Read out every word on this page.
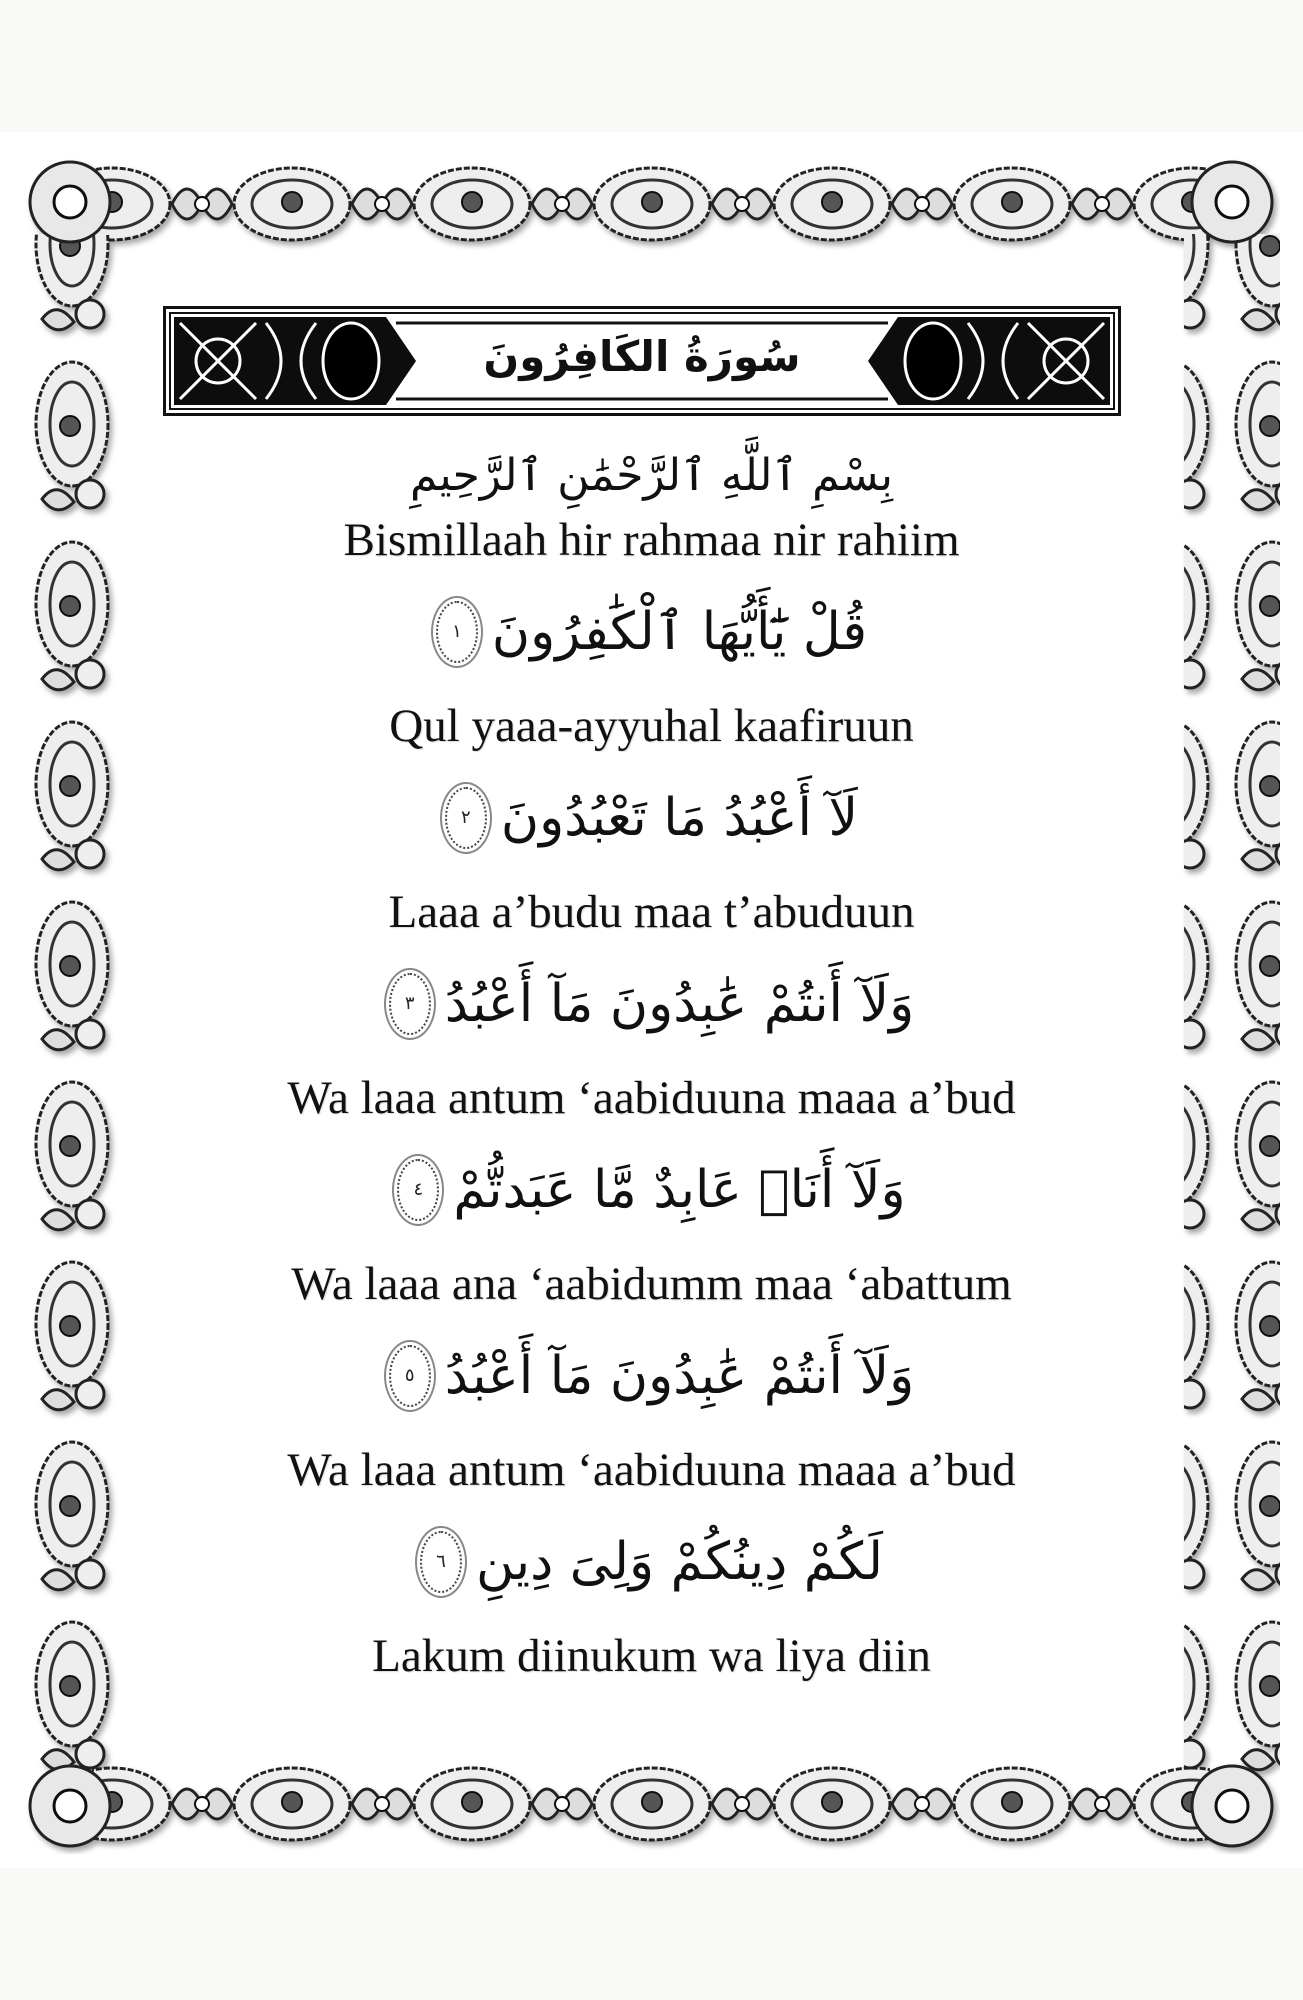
سُورَةُ الكَافِرُونَ
بِسْمِ ٱللَّهِ ٱلرَّحْمَٰنِ ٱلرَّحِيمِ
Bismillaah hir rahmaa nir rahiim
قُلْ يَٰٓأَيُّهَا ٱلْكَٰفِرُونَ
١
Qul yaaa-ayyuhal kaafiruun
لَآ أَعْبُدُ مَا تَعْبُدُونَ
٢
Laaa a’budu maa t’abuduun
وَلَآ أَنتُمْ عَٰبِدُونَ مَآ أَعْبُدُ
٣
Wa laaa antum ‘aabiduuna maaa a’bud
وَلَآ أَنَا۠ عَابِدٌ مَّا عَبَدتُّمْ
٤
Wa laaa ana ‘aabidumm maa ‘abattum
وَلَآ أَنتُمْ عَٰبِدُونَ مَآ أَعْبُدُ
٥
Wa laaa antum ‘aabiduuna maaa a’bud
لَكُمْ دِينُكُمْ وَلِىَ دِينِ
٦
Lakum diinukum wa liya diin
